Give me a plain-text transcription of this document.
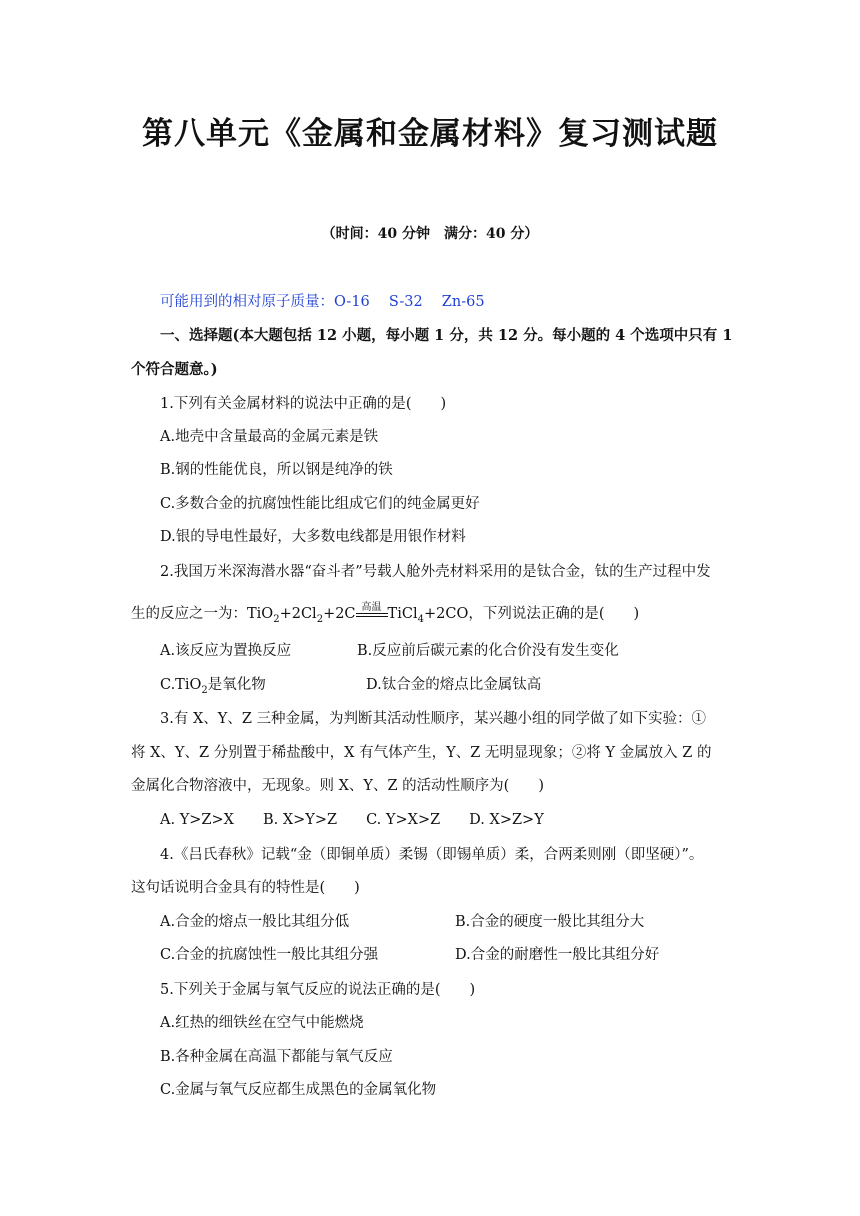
第八单元《金属和金属材料》复习测试题
（时间：40 分钟　满分：40 分）
可能用到的相对原子质量：O-16　 S-32　 Zn-65
一、选择题(本大题包括 12 小题，每小题 1 分，共 12 分。每小题的 4 个选项中只有 1
个符合题意。)
1.下列有关金属材料的说法中正确的是(　　)
A.地壳中含量最高的金属元素是铁
B.钢的性能优良，所以钢是纯净的铁
C.多数合金的抗腐蚀性能比组成它们的纯金属更好
D.银的导电性最好，大多数电线都是用银作材料
2.我国万米深海潜水器“奋斗者”号载人舱外壳材料采用的是钛合金，钛的生产过程中发
生的反应之一为：$TiO_2+2Cl_2+2C$ 高温 TiCl$_4$+2CO，下列说法正确的是(　　)
A.该反应为置换反应	B.反应前后碳元素的化合价没有发生变化
C.TiO$_2$是氧化物	D.钛合金的熔点比金属钛高
3.有 X、Y、Z 三种金属，为判断其活动性顺序，某兴趣小组的同学做了如下实验：①
将 X、Y、Z 分别置于稀盐酸中，X 有气体产生，Y、Z 无明显现象；②将 Y 金属放入 Z 的
金属化合物溶液中，无现象。则 X、Y、Z 的活动性顺序为(　　)
A. Y>Z>X　　B. X>Y>Z　　C. Y>X>Z　　D. X>Z>Y
4.《吕氏春秋》记载“金（即铜单质）柔锡（即锡单质）柔，合两柔则刚（即坚硬）”。
这句话说明合金具有的特性是(　　)
A.合金的熔点一般比其组分低	B.合金的硬度一般比其组分大
C.合金的抗腐蚀性一般比其组分强	D.合金的耐磨性一般比其组分好
5.下列关于金属与氧气反应的说法正确的是(　　)
A.红热的细铁丝在空气中能燃烧
B.各种金属在高温下都能与氧气反应
C.金属与氧气反应都生成黑色的金属氧化物
